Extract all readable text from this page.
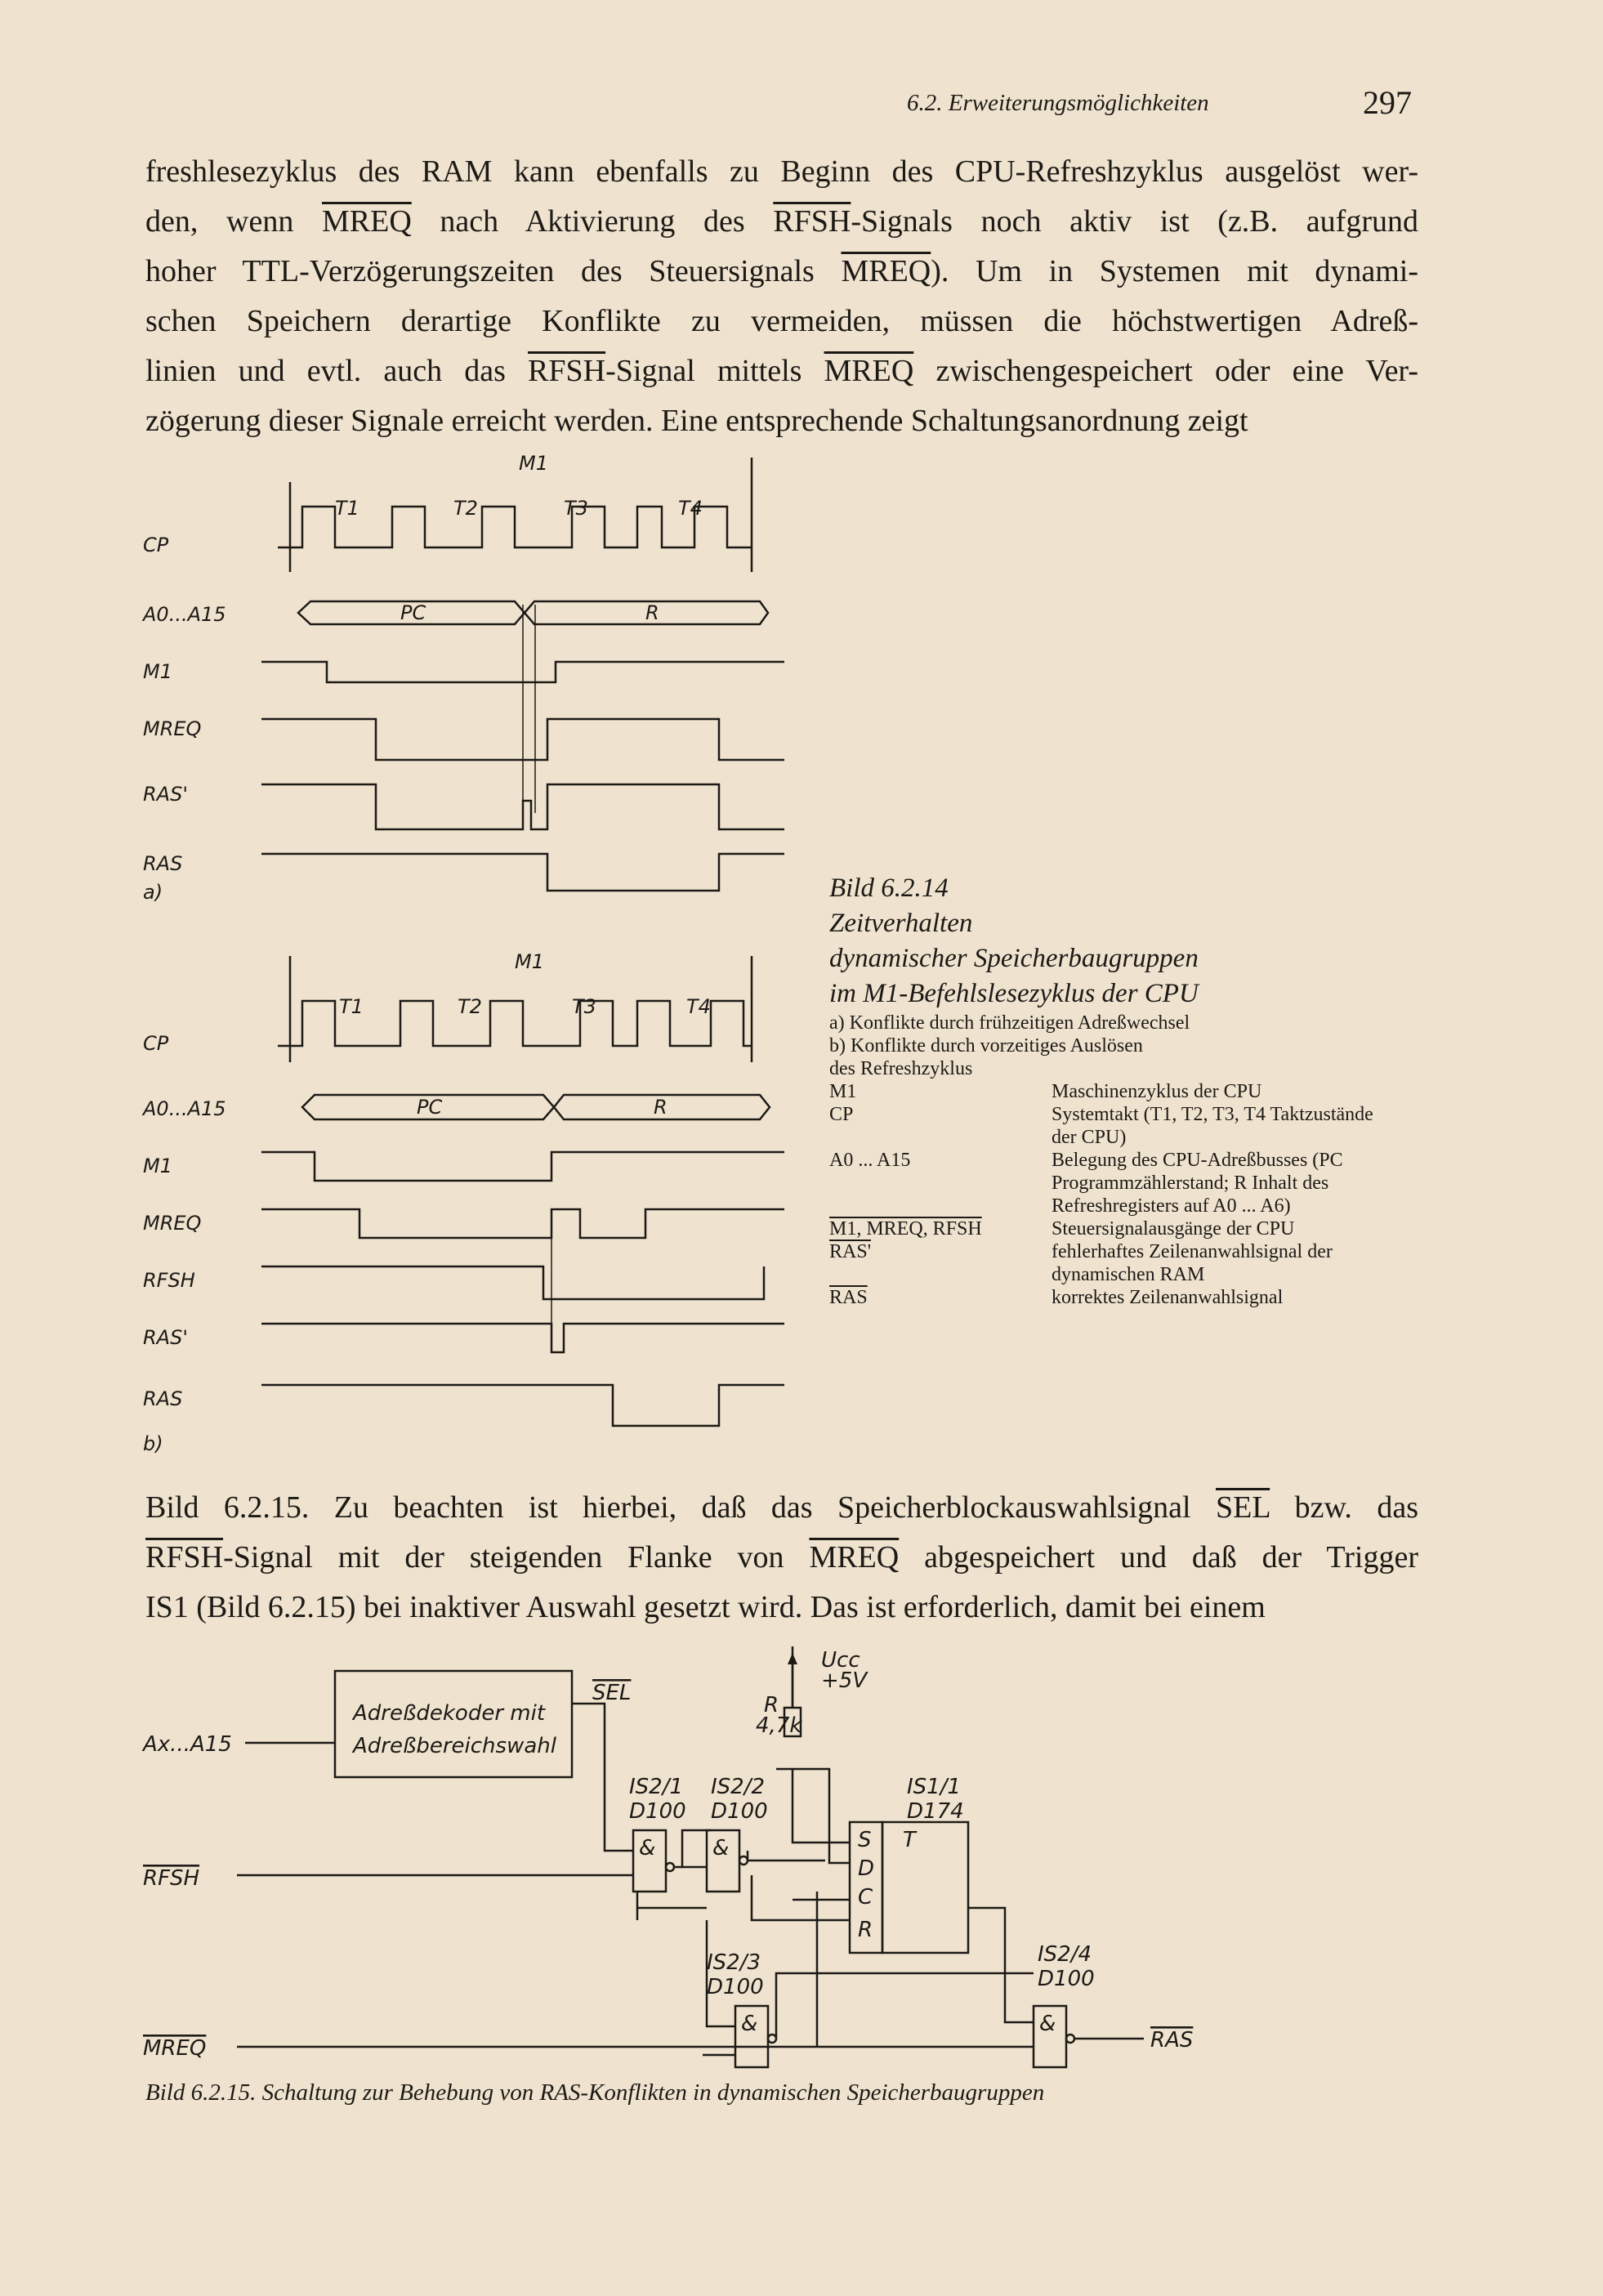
6.2. Erweiterungsmöglichkeiten	297
freshlesezyklus des RAM kann ebenfalls zu Beginn des CPU-Refreshzyklus ausgelöst wer-
den, wenn MREQ nach Aktivierung des RFSH-Signals noch aktiv ist (z.B. aufgrund
hoher TTL-Verzögerungszeiten des Steuersignals MREQ). Um in Systemen mit dynami-
schen Speichern derartige Konflikte zu vermeiden, müssen die höchstwertigen Adreß-
linien und evtl. auch das RFSH-Signal mittels MREQ zwischengespeichert oder eine Ver-
zögerung dieser Signale erreicht werden. Eine entsprechende Schaltungsanordnung zeigt
M1
T1	T2	T3	T4
CP
A0...A15
M1
MREQ
RAS'
RAS
PC	R
a)
M1
T1	T2	T3	T4
CP
A0...A15
M1
MREQ
RFSH
RAS'
RAS
PC	R
b)
Bild 6.2.14
Zeitverhalten
dynamischer Speicherbaugruppen
im M1-Befehlslesezyklus der CPU
a) Konflikte durch frühzeitigen Adreßwechsel
b) Konflikte durch vorzeitiges Auslösen
des Refreshzyklus
M1	Maschinenzyklus der CPU
CP	Systemtakt (T1, T2, T3, T4 Taktzustände der CPU)
A0 ... A15	Belegung des CPU-Adreßbusses (PC Programmzählerstand; R Inhalt des Refreshregisters auf A0 ... A6)
M1, MREQ, RFSH	Steuersignalausgänge der CPU
RAS'	fehlerhaftes Zeilenanwahlsignal der dynamischen RAM
$\overline{RAS}$	korrektes Zeilenanwahlsignal
Bild 6.2.15. Zu beachten ist hierbei, daß das Speicherblockauswahlsignal $\overline{SEL}$ bzw. das
RFSH-Signal mit der steigenden Flanke von MREQ abgespeichert und daß der Trigger
IS1 (Bild 6.2.15) bei inaktiver Auswahl gesetzt wird. Das ist erforderlich, damit bei einem
Adreßdekoder mit
Adreßbereichswahl
Ax...A15
RFSH
MREQ
SEL
Ucc
+5V
R
4,7k
IS2/1
D100
&
IS2/2
D100
&
IS2/3
D100
&
IS2/4
D100
&
IS1/1
D174
S
D
C
R
T
RAS
Bild 6.2.15. Schaltung zur Behebung von RAS-Konflikten in dynamischen Speicherbaugruppen
